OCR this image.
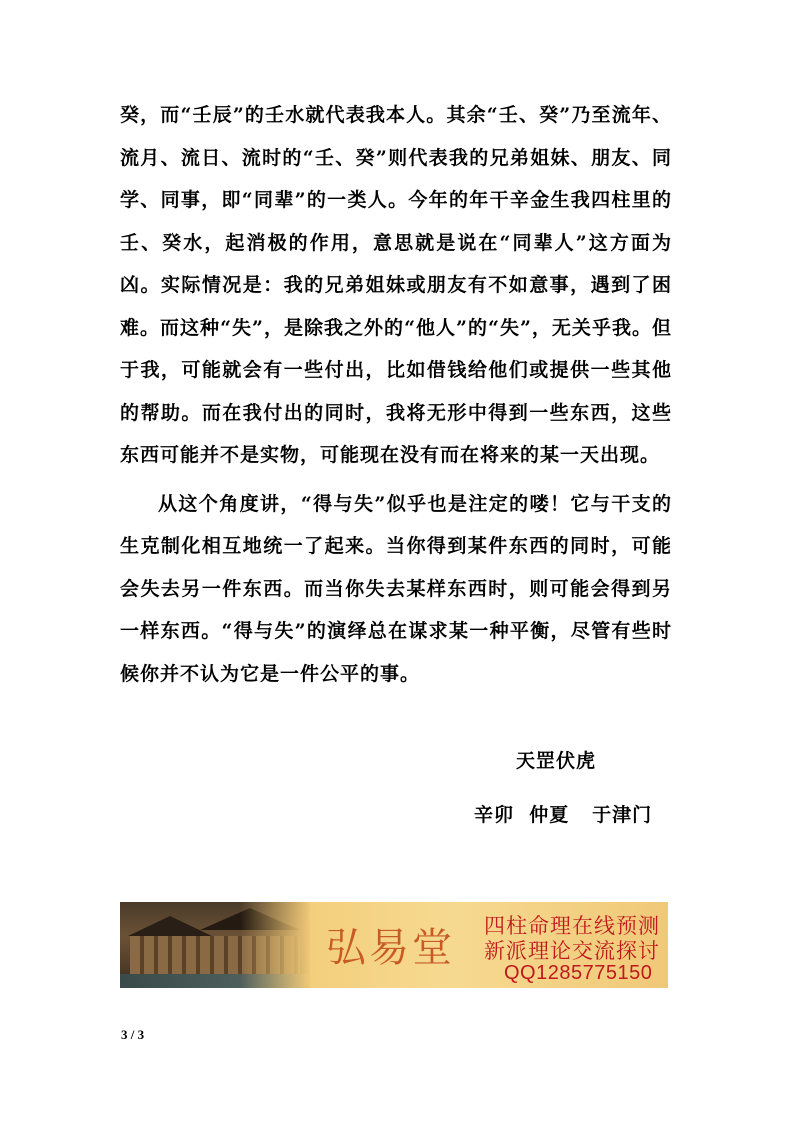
癸，而“壬辰”的壬水就代表我本人。其余“壬、癸”乃至流年、流月、流日、流时的“壬、癸”则代表我的兄弟姐妹、朋友、同学、同事，即“同辈”的一类人。今年的年干辛金生我四柱里的壬、癸水，起消极的作用，意思就是说在“同辈人”这方面为凶。实际情况是：我的兄弟姐妹或朋友有不如意事，遇到了困难。而这种“失”，是除我之外的“他人”的“失”，无关乎我。但于我，可能就会有一些付出，比如借钱给他们或提供一些其他的帮助。而在我付出的同时，我将无形中得到一些东西，这些东西可能并不是实物，可能现在没有而在将来的某一天出现。

从这个角度讲，“得与失”似乎也是注定的喽！它与干支的生克制化相互地统一了起来。当你得到某件东西的同时，可能会失去另一件东西。而当你失去某样东西时，则可能会得到另一样东西。“得与失”的演绎总在谋求某一种平衡，尽管有些时候你并不认为它是一件公平的事。

天罡伏虎
辛卯  仲夏   于津门
弘易堂 四柱命理在线预测
新派理论交流探讨
QQ1285775150
3 / 3
